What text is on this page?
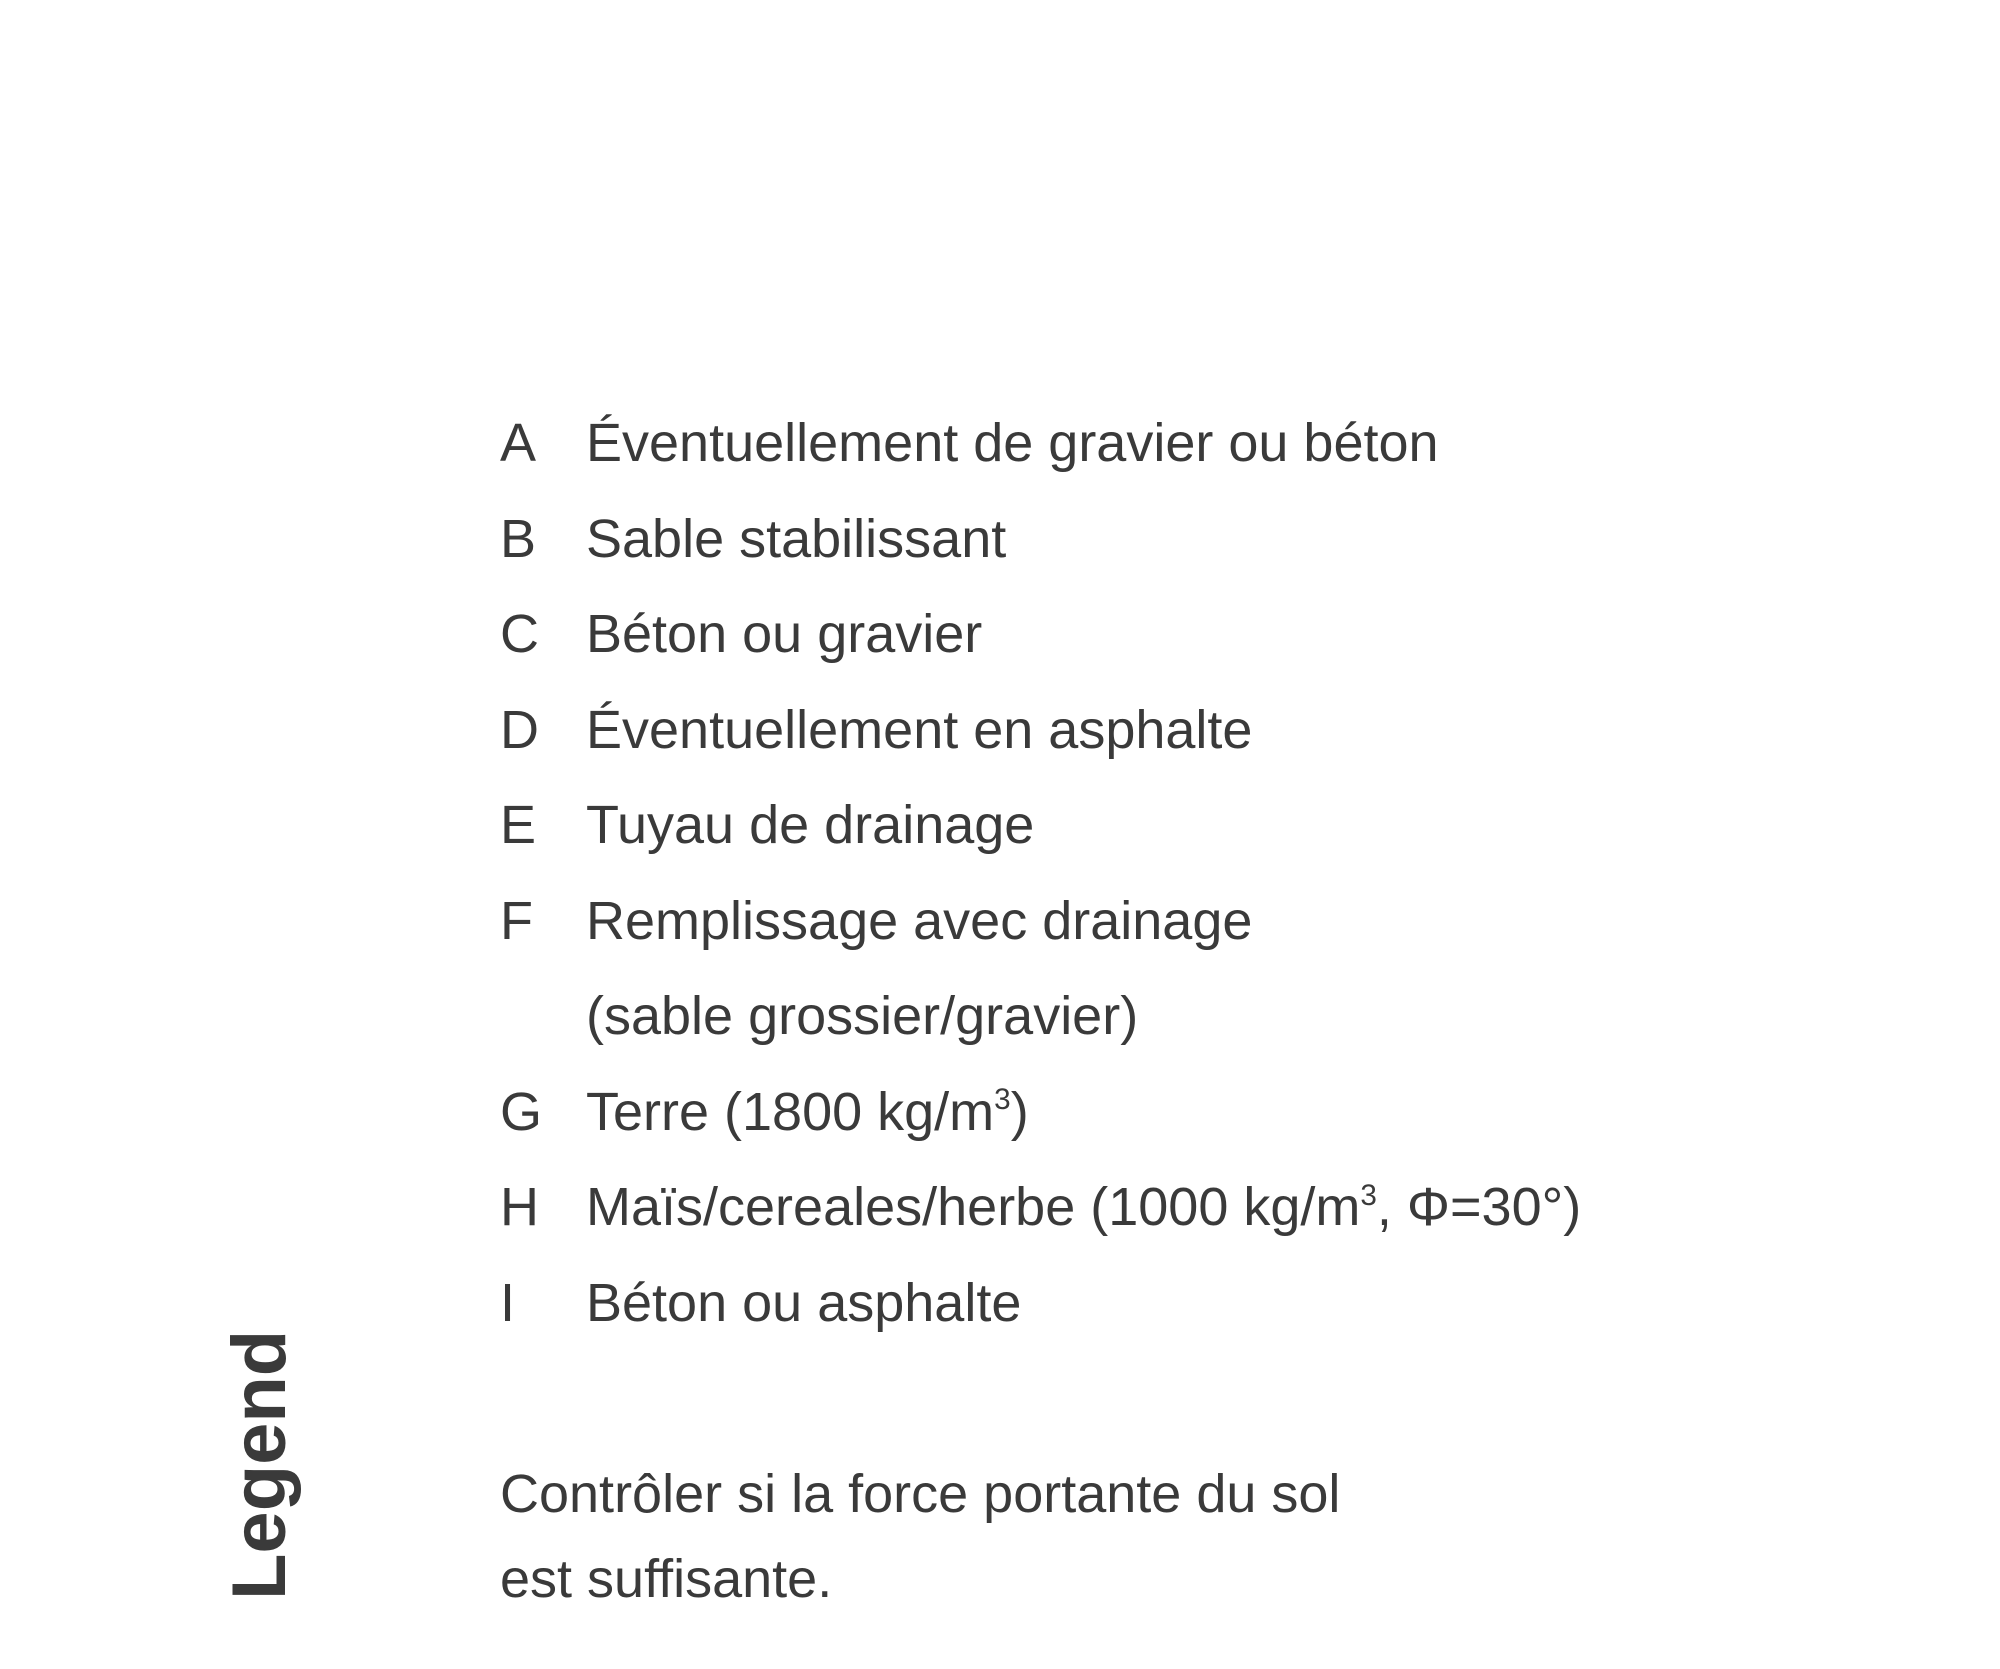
Legend
A Éventuellement de gravier ou béton
B Sable stabilissant
C Béton ou gravier
D Éventuellement en asphalte
E Tuyau de drainage
F Remplissage avec drainage
(sable grossier/gravier)
G Terre (1800 $kg/m^3$)
H Maïs/cereales/herbe (1000 $kg/m^3$, Φ=30°)
I	Béton ou asphalte
Contrôler si la force portante du sol
est suffisante.
